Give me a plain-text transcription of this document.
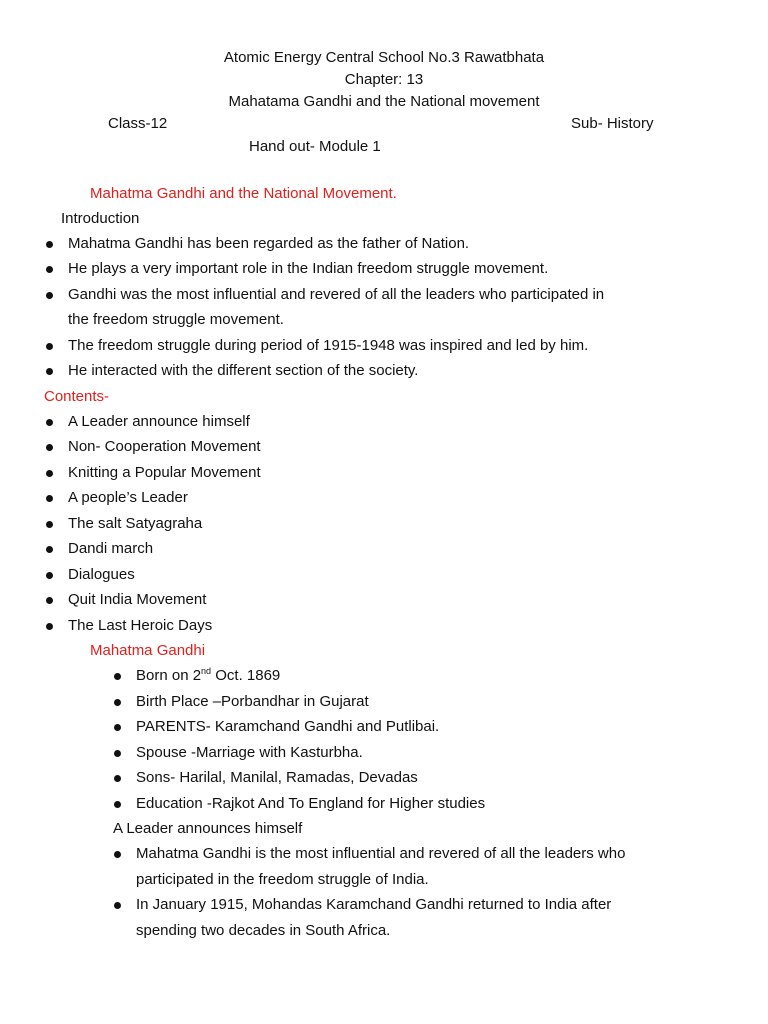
Atomic Energy Central School No.3 Rawatbhata
Chapter: 13
Mahatama Gandhi and the National movement
Class-12	Sub- History
Hand out- Module 1
Mahatma Gandhi and the National Movement.
Introduction
Mahatma Gandhi has been regarded as the father of Nation.
He plays a very important role in the Indian freedom struggle movement.
Gandhi was the most influential and revered of all the leaders who participated in
the freedom struggle movement.
The freedom struggle during period of 1915-1948 was inspired and led by him.
He interacted with the different section of the society.
Contents-
A Leader announce himself
Non- Cooperation Movement
Knitting a Popular Movement
A people’s Leader
The salt Satyagraha
Dandi march
Dialogues
Quit India Movement
The Last Heroic Days
Mahatma Gandhi
Born on 2nd Oct. 1869
Birth Place –Porbandhar in Gujarat
PARENTS- Karamchand Gandhi and Putlibai.
Spouse -Marriage with Kasturbha.
Sons- Harilal, Manilal, Ramadas, Devadas
Education -Rajkot And To England for Higher studies
A Leader announces himself
Mahatma Gandhi is the most influential and revered of all the leaders who
participated in the freedom struggle of India.
In January 1915, Mohandas Karamchand Gandhi returned to India after
spending two decades in South Africa.
